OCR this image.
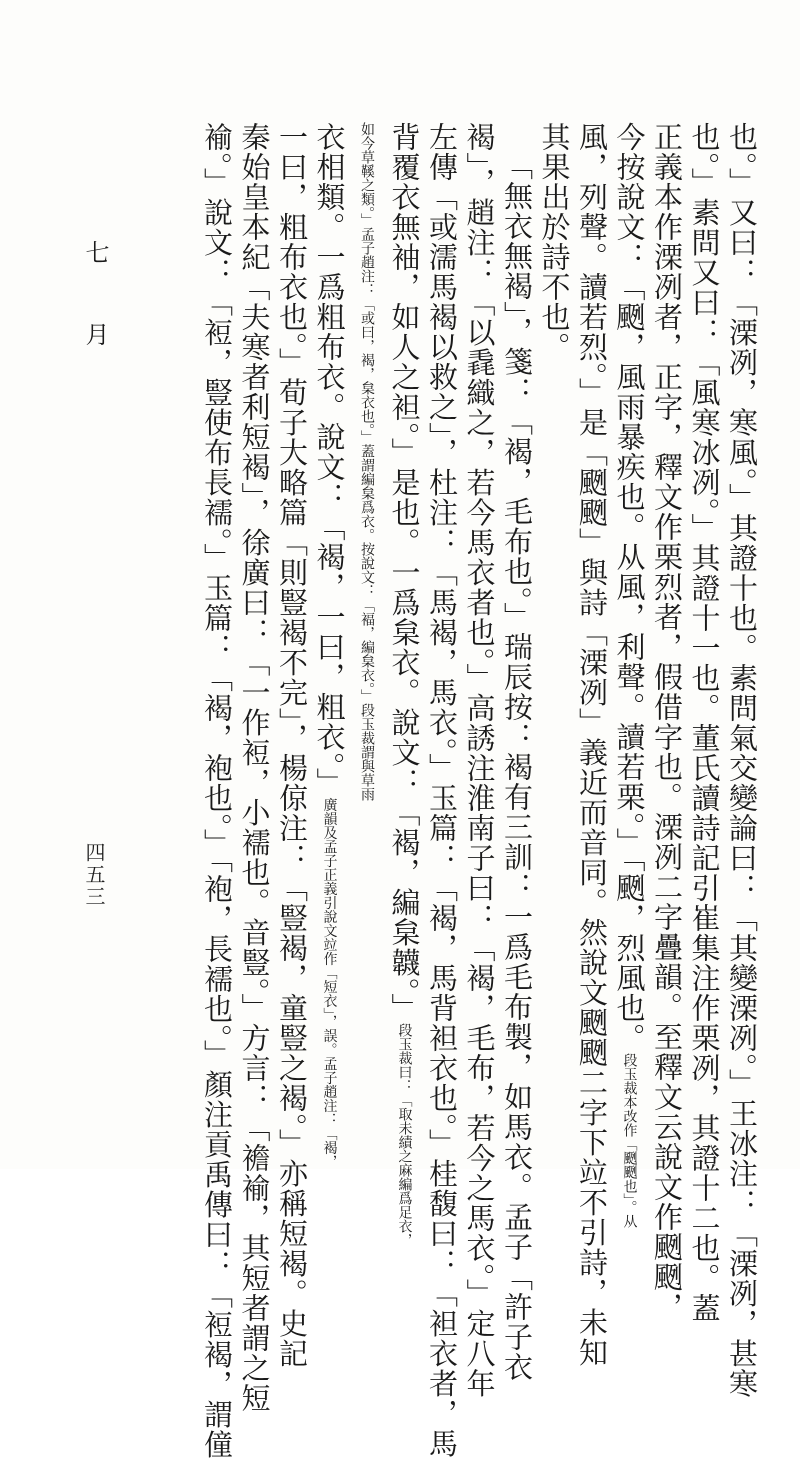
也。」又曰：「溧冽，寒風。」其證十也。素問氣交變論曰：「其變溧冽。」王冰注：「溧冽，甚寒
也。」素問又曰：「風寒冰冽。」其證十一也。董氏讀詩記引崔集注作栗冽，其證十二也。蓋
正義本作溧冽者，正字，釋文作栗烈者，假借字也。溧冽二字疊韻。至釋文云說文作颲颲，
今按說文：「颲，風雨暴疾也。从風，利聲。讀若栗。」「颲，烈風也。段玉裁本改作「颲颲也」。从
風，列聲。讀若烈。」是「颲颲」與詩「溧冽」義近而音同。然說文颲颲二字下竝不引詩，未知
其果出於詩不也。
「無衣無褐」，箋：「褐，毛布也。」瑞辰按：褐有三訓：一爲毛布製，如馬衣。孟子「許子衣
褐」，趙注：「以毳織之，若今馬衣者也。」高誘注淮南子曰：「褐，毛布，若今之馬衣。」定八年
左傳「或濡馬褐以救之」，杜注：「馬褐，馬衣。」玉篇：「褐，馬背袒衣也。」桂馥曰：「袒衣者，馬
背覆衣無袖，如人之袒。」是也。一爲枲衣。說文：「褐，編枲韤。」段玉裁曰：「取未績之麻編爲足衣，
如今草鞵之類。」孟子趙注：「或曰，褐，枲衣也。」蓋謂編枲爲衣。按說文：「褔，編枲衣。」段玉裁謂與草雨
衣相類。一爲粗布衣。說文：「褐，一曰，粗衣。」廣韻及孟子正義引說文竝作「短衣」，誤。孟子趙注：「褐，
一曰，粗布衣也。」荀子大略篇「則豎褐不完」，楊倞注：「豎褐，童豎之褐。」亦稱短褐。史記
秦始皇本紀「夫寒者利短褐」，徐廣曰：「一作裋，小襦也。音豎。」方言：「襜褕，其短者謂之短
褕。」說文：「裋，豎使布長襦。」玉篇：「褐，袍也。」「袍，長襦也。」顏注貢禹傳曰：「裋褐，謂僮
七月
四五三
